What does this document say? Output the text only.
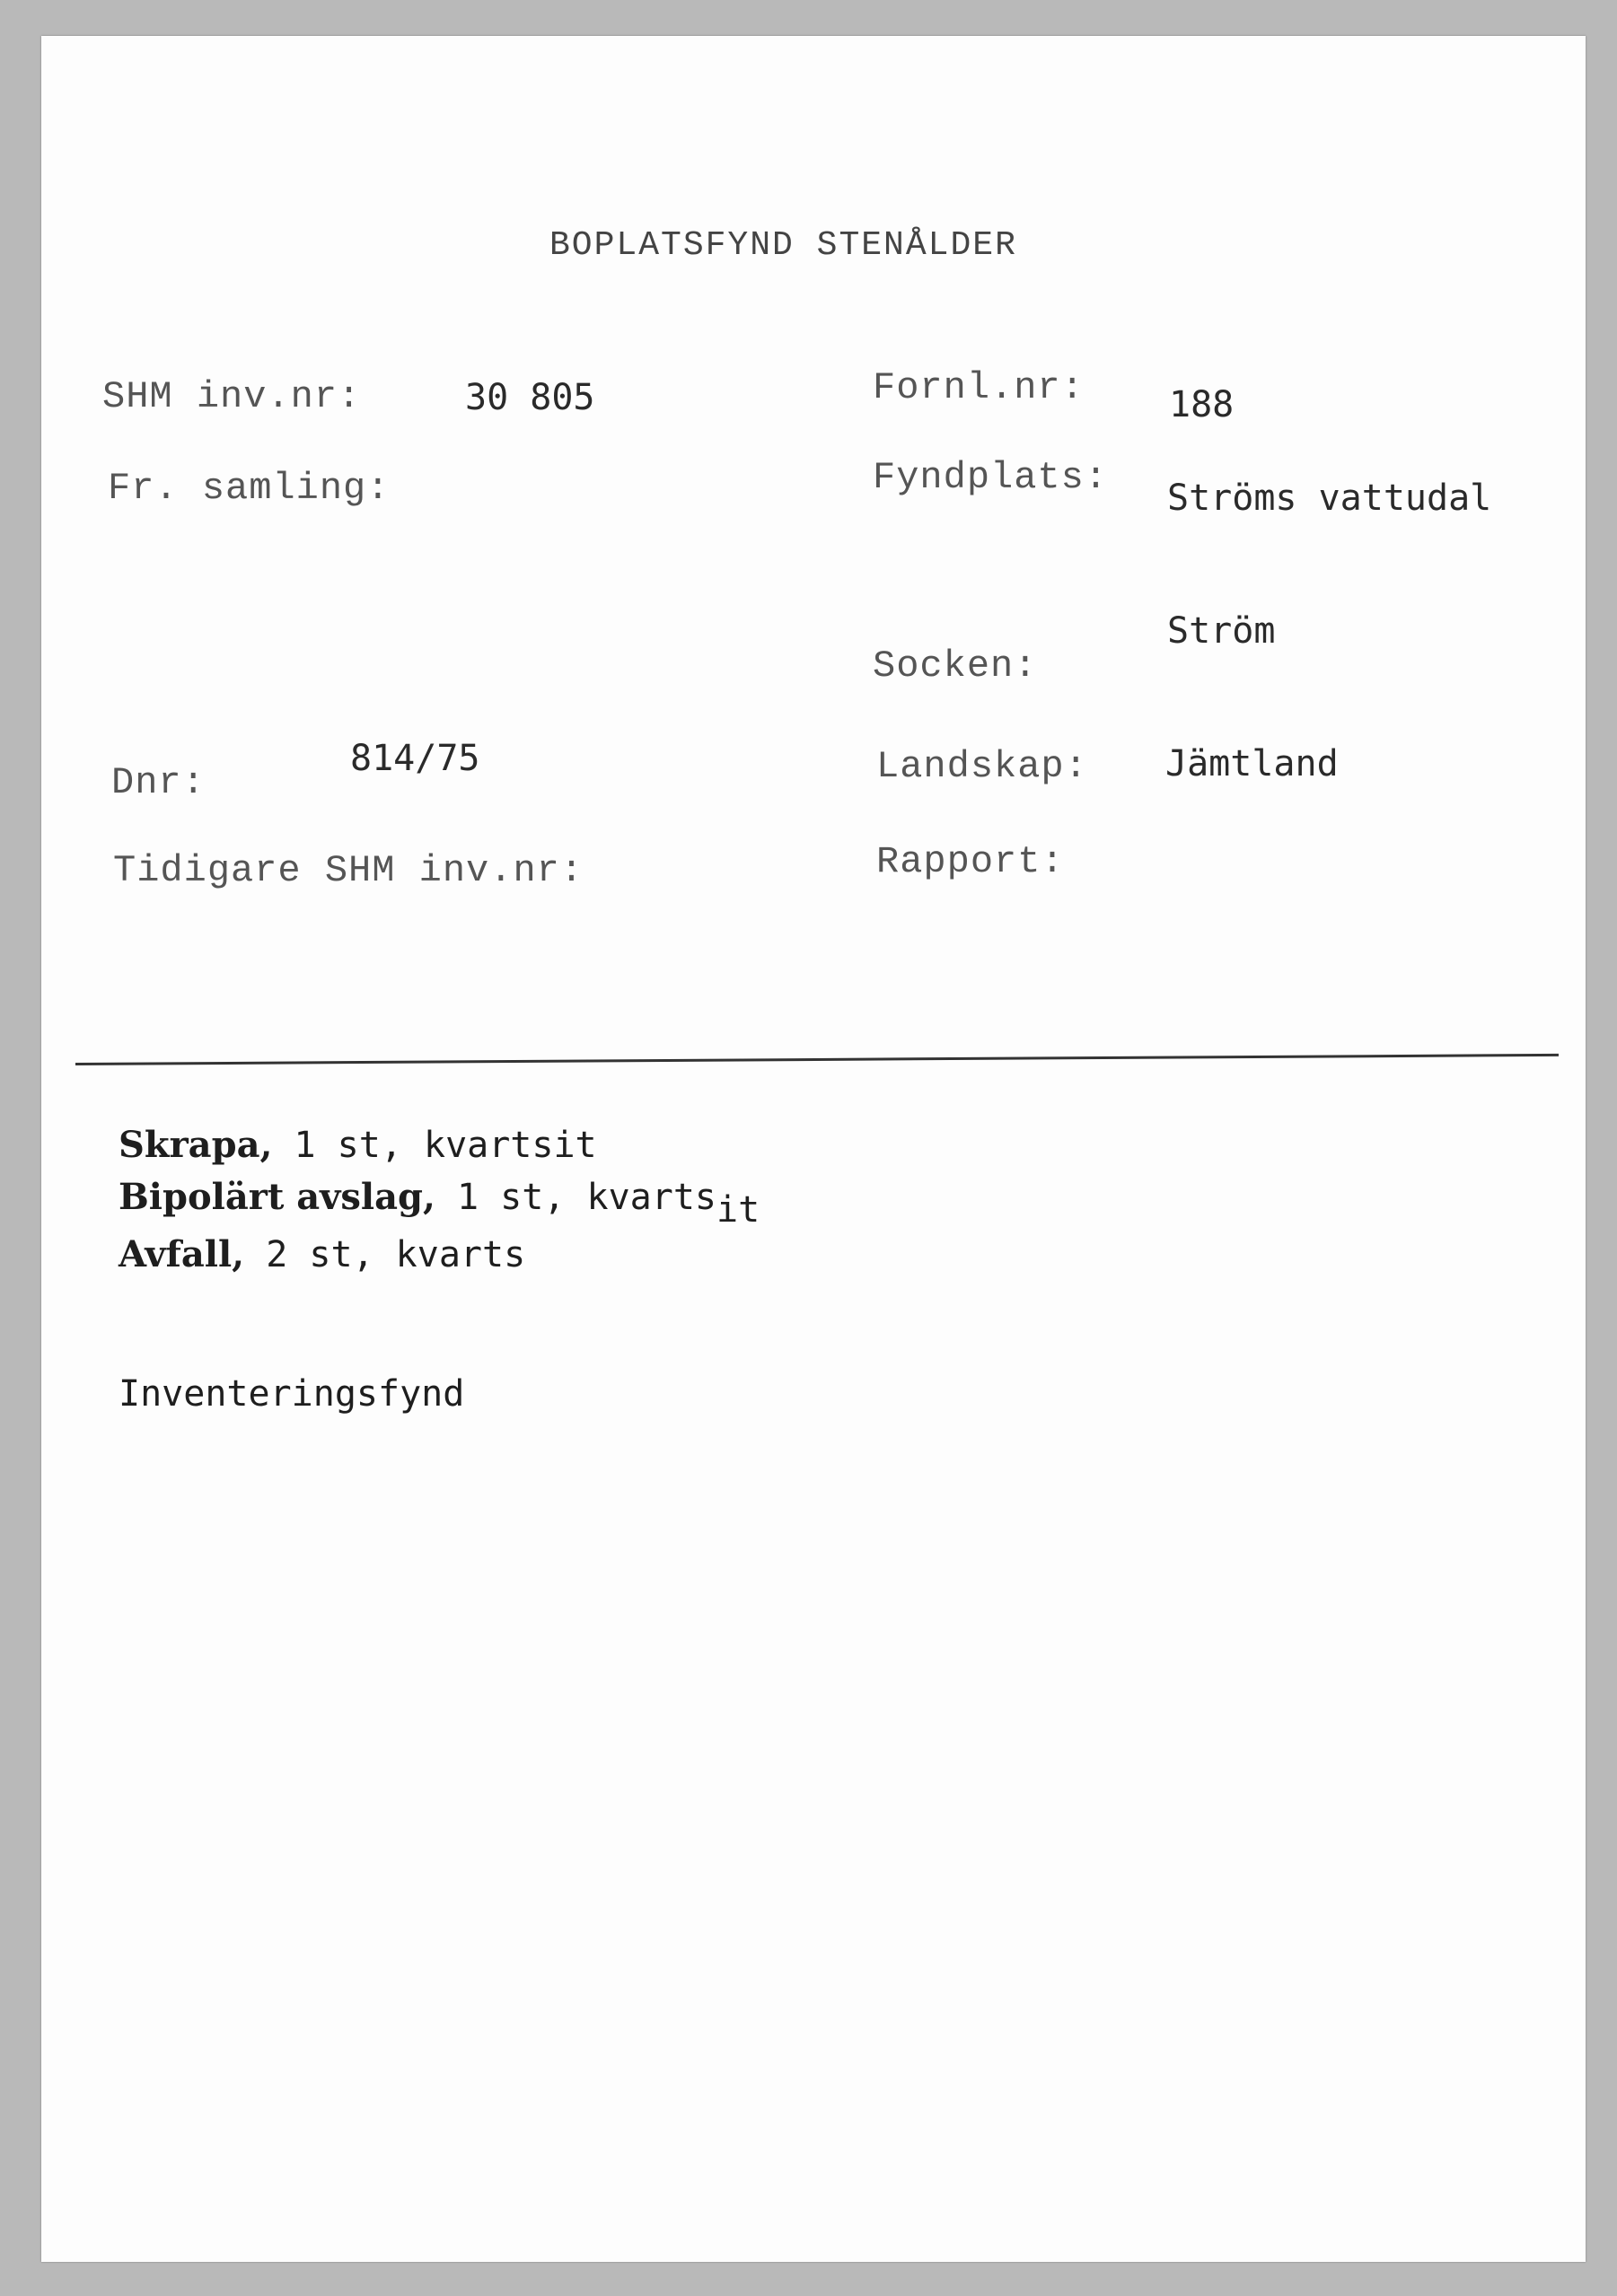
BOPLATSFYND STENÅLDER
SHM inv.nr:	30 805
Fr. samling:
Dnr:
814/75
Tidigare SHM inv.nr:
Fornl.nr: 188
Fyndplats: Ströms vattudal
Ström
Socken:
Landskap: Jämtland
Rapport:
Skrapa, 1 st, kvartsit
Bipolärt avslag, 1 st, kvartsit
Avfall, 2 st, kvarts
Inventeringsfynd
